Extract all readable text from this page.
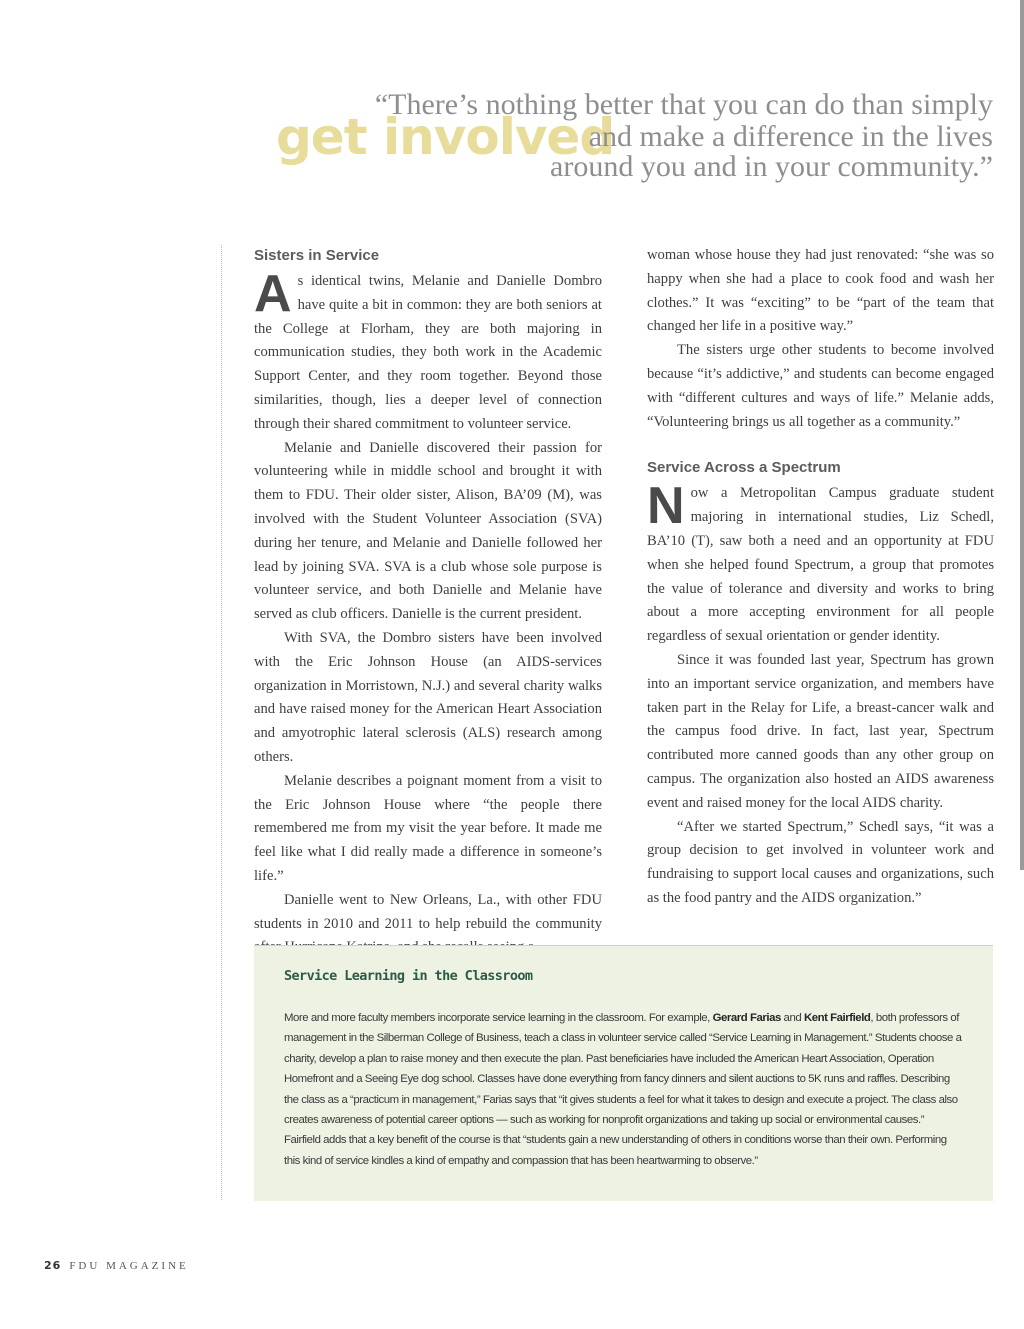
get involved
“There’s nothing better that you can do than simply
and make a difference in the lives
around you and in your community.”
Sisters in Service

As identical twins, Melanie and Danielle Dombro have quite a bit in common: they are both seniors at the College at Florham, they are both majoring in communication studies, they both work in the Academic Support Center, and they room together. Beyond those similarities, though, lies a deeper level of connection through their shared commitment to volunteer service.

Melanie and Danielle discovered their passion for volunteering while in middle school and brought it with them to FDU. Their older sister, Alison, BA’09 (M), was involved with the Student Volunteer Association (SVA) during her tenure, and Melanie and Danielle followed her lead by joining SVA. SVA is a club whose sole purpose is volunteer service, and both Danielle and Melanie have served as club officers. Danielle is the current president.

With SVA, the Dombro sisters have been involved with the Eric Johnson House (an AIDS-services organization in Morristown, N.J.) and several charity walks and have raised money for the American Heart Association and amyotrophic lateral sclerosis (ALS) research among others.

Melanie describes a poignant moment from a visit to the Eric Johnson House where “the people there remembered me from my visit the year before. It made me feel like what I did really made a difference in someone’s life.”

Danielle went to New Orleans, La., with other FDU students in 2010 and 2011 to help rebuild the community

woman whose house they had just renovated: “she was so happy when she had a place to cook food and wash her clothes.” It was “exciting” to be “part of the team that changed her life in a positive way.”

The sisters urge other students to become involved because “it’s addictive,” and students can become engaged with “different cultures and ways of life.” Melanie adds, “Volunteering brings us all together as a community.”

Service Across a Spectrum

Now a Metropolitan Campus graduate student majoring in international studies, Liz Schedl, BA’10 (T), saw both a need and an opportunity at FDU when she helped found Spectrum, a group that promotes the value of tolerance and diversity and works to bring about a more accepting environment for all people regardless of sexual orientation or gender identity.

Since it was founded last year, Spectrum has grown into an important service organization, and members have taken part in the Relay for Life, a breast-cancer walk and the campus food drive. In fact, last year, Spectrum contributed more canned goods than any other group on campus. The organization also hosted an AIDS awareness event and raised money for the local AIDS charity.

“After we started Spectrum,” Schedl says, “it was a group decision to get involved in volunteer work and fundraising to support local causes and organizations, such as the food pantry and the AIDS organization.”

Service Learning in the Classroom

More and more faculty members incorporate service learning in the classroom. For example, Gerard Farias and Kent Fairfield, both professors of management in the Silberman College of Business, teach a class in volunteer service called “Service Learning in Management.” Students choose a charity, develop a plan to raise money and then execute the plan. Past beneficiaries have included the American Heart Association, Operation Homefront and a Seeing Eye dog school. Classes have done everything from fancy dinners and silent auctions to 5K runs and raffles. Describing the class as a “practicum in management,” Farias says that “it gives students a feel for what it takes to design and execute a project. The class also creates awareness of potential career options — such as working for nonprofit organizations and taking up social or environmental causes.” Fairfield adds that a key benefit of the course is that “students gain a new understanding of others in conditions worse than their own. Performing this kind of service kindles a kind of empathy and compassion that has been heartwarming to observe.”

26 FDU MAGAZINE
